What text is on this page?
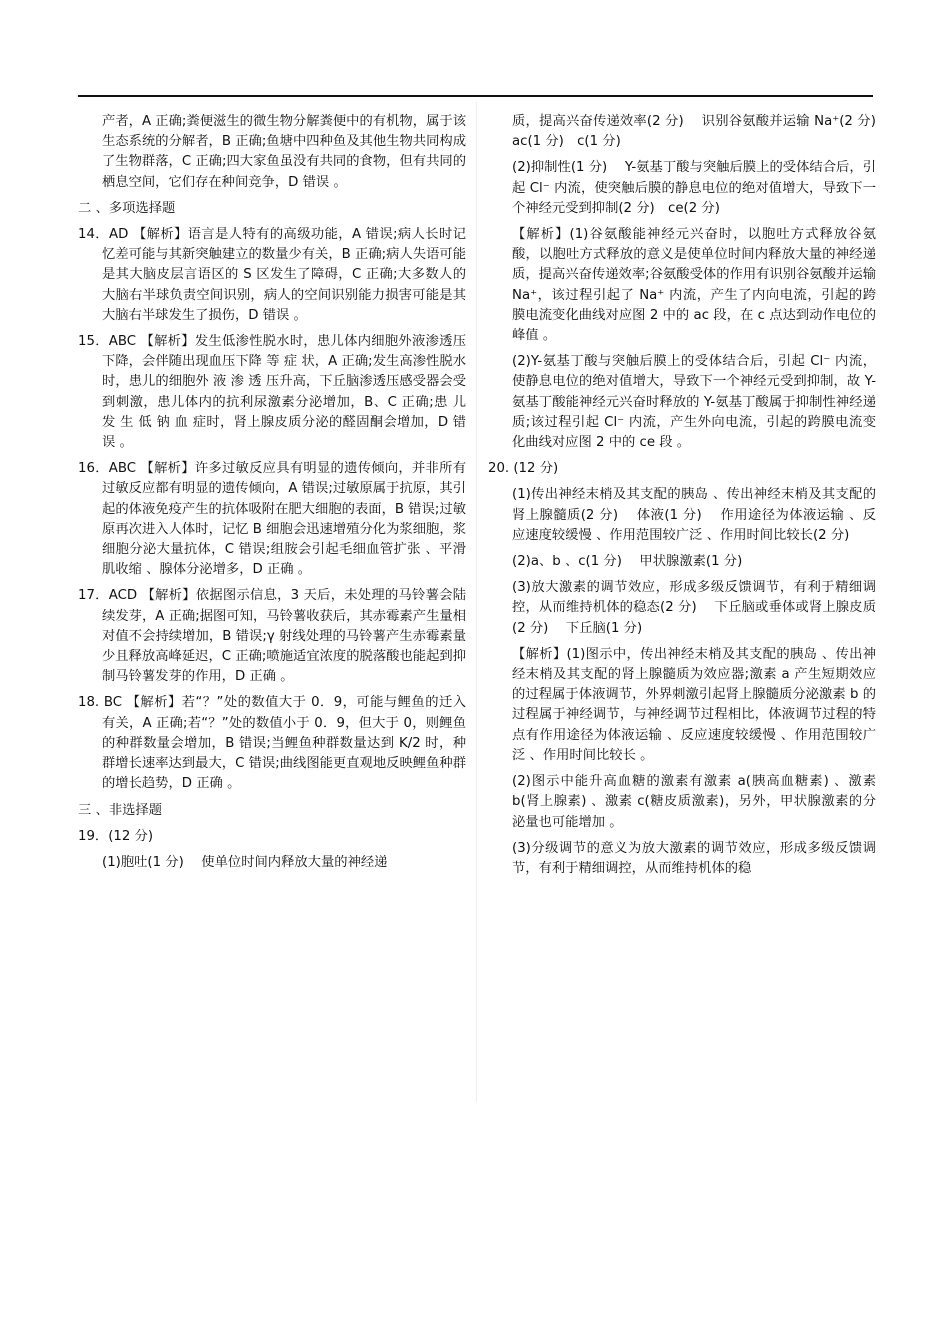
产者，A 正确;粪便滋生的微生物分解粪便中的有机物，属于该生态系统的分解者，B 正确;鱼塘中四种鱼及其他生物共同构成了生物群落，C 正确;四大家鱼虽没有共同的食物，但有共同的栖息空间，它们存在种间竞争，D 错误 。
二 、多项选择题
14．AD 【解析】语言是人特有的高级功能，A 错误;病人长时记忆差可能与其新突触建立的数量少有关，B 正确;病人失语可能是其大脑皮层言语区的 S 区发生了障碍，C 正确;大多数人的大脑右半球负责空间识别，病人的空间识别能力损害可能是其大脑右半球发生了损伤，D 错误 。
15．ABC 【解析】发生低渗性脱水时，患儿体内细胞外液渗透压下降，会伴随出现血压下降 等 症 状，A 正确;发生高渗性脱水时，患儿的细胞外 液 渗 透 压升高，下丘脑渗透压感受器会受到刺激，患儿体内的抗利尿激素分泌增加，B、C 正确;患 儿 发 生 低 钠 血 症时，肾上腺皮质分泌的醛固酮会增加，D 错误 。
16．ABC 【解析】许多过敏反应具有明显的遗传倾向，并非所有过敏反应都有明显的遗传倾向，A 错误;过敏原属于抗原，其引起的体液免疫产生的抗体吸附在肥大细胞的表面，B 错误;过敏原再次进入人体时，记忆 B 细胞会迅速增殖分化为浆细胞，浆细胞分泌大量抗体，C 错误;组胺会引起毛细血管扩张 、平滑肌收缩 、腺体分泌增多，D 正确 。
17．ACD 【解析】依据图示信息，3 天后，未处理的马铃薯会陆续发芽，A 正确;据图可知，马铃薯收获后，其赤霉素产生量相对值不会持续增加，B 错误;γ 射线处理的马铃薯产生赤霉素量少且释放高峰延迟，C 正确;喷施适宜浓度的脱落酸也能起到抑制马铃薯发芽的作用，D 正确 。
18. BC 【解析】若“？”处的数值大于 0．9，可能与鲤鱼的迁入有关，A 正确;若“？”处的数值小于 0．9，但大于 0，则鲤鱼的种群数量会增加，B 错误;当鲤鱼种群数量达到 K/2 时，种群增长速率达到最大，C 错误;曲线图能更直观地反映鲤鱼种群的增长趋势，D 正确 。
三 、非选择题
19．(12 分)
(1)胞吐(1 分)　 使单位时间内释放大量的神经递
质，提高兴奋传递效率(2 分)　 识别谷氨酸并运输 Na⁺(2 分)　ac(1 分)　c(1 分)
(2)抑制性(1 分)　 Y-氨基丁酸与突触后膜上的受体结合后，引起 Cl⁻ 内流，使突触后膜的静息电位的绝对值增大，导致下一个神经元受到抑制(2 分)　ce(2 分)
【解析】(1)谷氨酸能神经元兴奋时，以胞吐方式释放谷氨酸，以胞吐方式释放的意义是使单位时间内释放大量的神经递质，提高兴奋传递效率;谷氨酸受体的作用有识别谷氨酸并运输 Na⁺，该过程引起了 Na⁺ 内流，产生了内向电流，引起的跨膜电流变化曲线对应图 2 中的 ac 段，在 c 点达到动作电位的峰值 。
(2)Y-氨基丁酸与突触后膜上的受体结合后，引起 Cl⁻ 内流，使静息电位的绝对值增大，导致下一个神经元受到抑制，故 Y-氨基丁酸能神经元兴奋时释放的 Y-氨基丁酸属于抑制性神经递质;该过程引起 Cl⁻ 内流，产生外向电流，引起的跨膜电流变化曲线对应图 2 中的 ce 段 。
20. (12 分)
(1)传出神经末梢及其支配的胰岛 、传出神经末梢及其支配的肾上腺髓质(2 分)　 体液(1 分)　 作用途径为体液运输 、反应速度较缓慢 、作用范围较广泛 、作用时间比较长(2 分)
(2)a、b 、c(1 分)　 甲状腺激素(1 分)
(3)放大激素的调节效应，形成多级反馈调节，有利于精细调控，从而维持机体的稳态(2 分)　 下丘脑或垂体或肾上腺皮质(2 分)　 下丘脑(1 分)
【解析】(1)图示中，传出神经末梢及其支配的胰岛 、传出神经末梢及其支配的肾上腺髓质为效应器;激素 a 产生短期效应的过程属于体液调节，外界刺激引起肾上腺髓质分泌激素 b 的过程属于神经调节，与神经调节过程相比，体液调节过程的特点有作用途径为体液运输 、反应速度较缓慢 、作用范围较广泛 、作用时间比较长 。
(2)图示中能升高血糖的激素有激素 a(胰高血糖素) 、激素 b(肾上腺素) 、激素 c(糖皮质激素)，另外，甲状腺激素的分泌量也可能增加 。
(3)分级调节的意义为放大激素的调节效应，形成多级反馈调节，有利于精细调控，从而维持机体的稳
